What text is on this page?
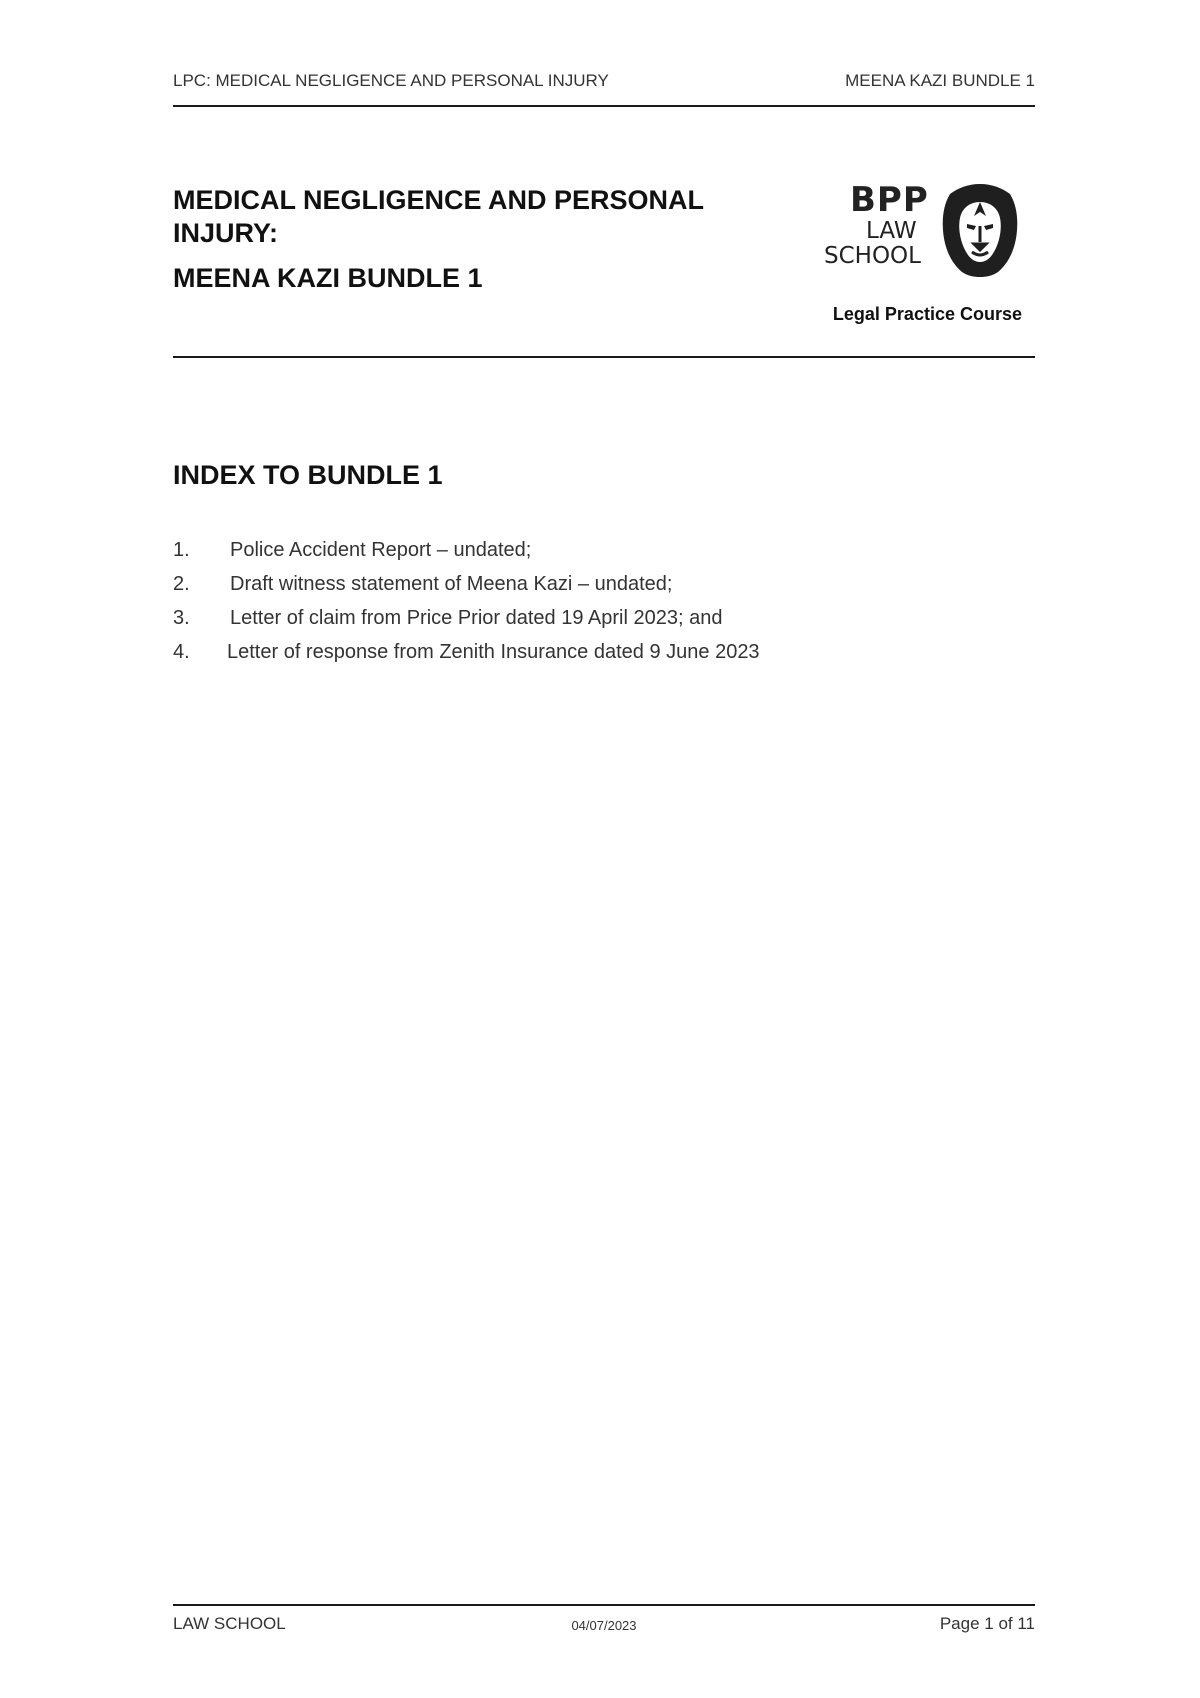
LPC: MEDICAL NEGLIGENCE AND PERSONAL INJURY	MEENA KAZI BUNDLE 1
MEDICAL NEGLIGENCE AND PERSONAL INJURY:
MEENA KAZI BUNDLE 1
BPP
LAW
SCHOOL
Legal Practice Course
INDEX TO BUNDLE 1
1.	Police Accident Report – undated;
2.	Draft witness statement of Meena Kazi – undated;
3.	Letter of claim from Price Prior dated 19 April 2023; and
4.	Letter of response from Zenith Insurance dated 9 June 2023
LAW SCHOOL	04/07/2023	Page 1 of 11
